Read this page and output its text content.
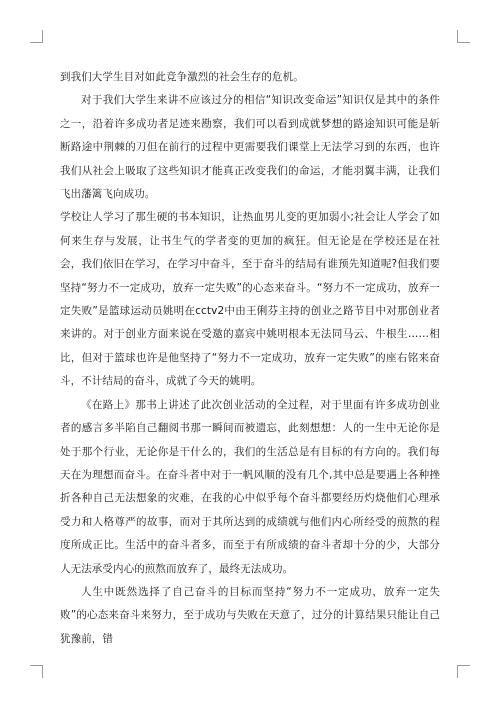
到我们大学生目对如此竞争激烈的社会生存的危机。

对于我们大学生来讲不应该过分的相信“知识改变命运”知识仅是其中的条件之一，沿着许多成功者足迹来勘察，我们可以看到成就梦想的路途知识可能是斩断路途中荆棘的刀但在前行的过程中更需要我们课堂上无法学习到的东西，也许我们从社会上吸取了这些知识才能真正改变我们的命运，才能羽翼丰满，让我们飞出藩篱飞向成功。

学校让人学习了那生硬的书本知识，让热血男儿变的更加弱小;社会让人学会了如何来生存与发展，让书生气的学者变的更加的疯狂。但无论是在学校还是在社会，我们依旧在学习，在学习中奋斗，至于奋斗的结局有谁预先知道呢?但我们要坚持“努力不一定成功，放弃一定失败”的心态来奋斗。“努力不一定成功，放弃一定失败”是篮球运动员姚明在cctv2中由王俐芬主持的创业之路节目中对那创业者来讲的。对于创业方面来说在受邀的嘉宾中姚明根本无法同马云、牛根生……相比，但对于篮球也许是他坚持了“努力不一定成功，放弃一定失败”的座右铭来奋斗，不计结局的奋斗，成就了今天的姚明。

《在路上》那书上讲述了此次创业活动的全过程，对于里面有许多成功创业者的感言多半陷自己翻阅书那一瞬间而被遗忘，此刻想想：人的一生中无论你是处于那个行业，无论你是干什么的，我们的生活总是有目标的有方向的。我们每天在为理想而奋斗。在奋斗者中对于一帆风顺的没有几个,其中总是要遇上各种挫折各种自己无法想象的灾难，在我的心中似乎每个奋斗都要经历灼烧他们心理承受力和人格尊严的故事，而对于其所达到的成绩就与他们内心所经受的煎熬的程度所成正比。生活中的奋斗者多，而至于有所成绩的奋斗者却十分的少，大部分人无法承受内心的煎熬而放弃了，最终无法成功。

人生中既然选择了自己奋斗的目标而坚持“努力不一定成功，放弃一定失败”的心态来奋斗来努力，至于成功与失败在天意了，过分的计算结果只能让自己犹豫前，错
